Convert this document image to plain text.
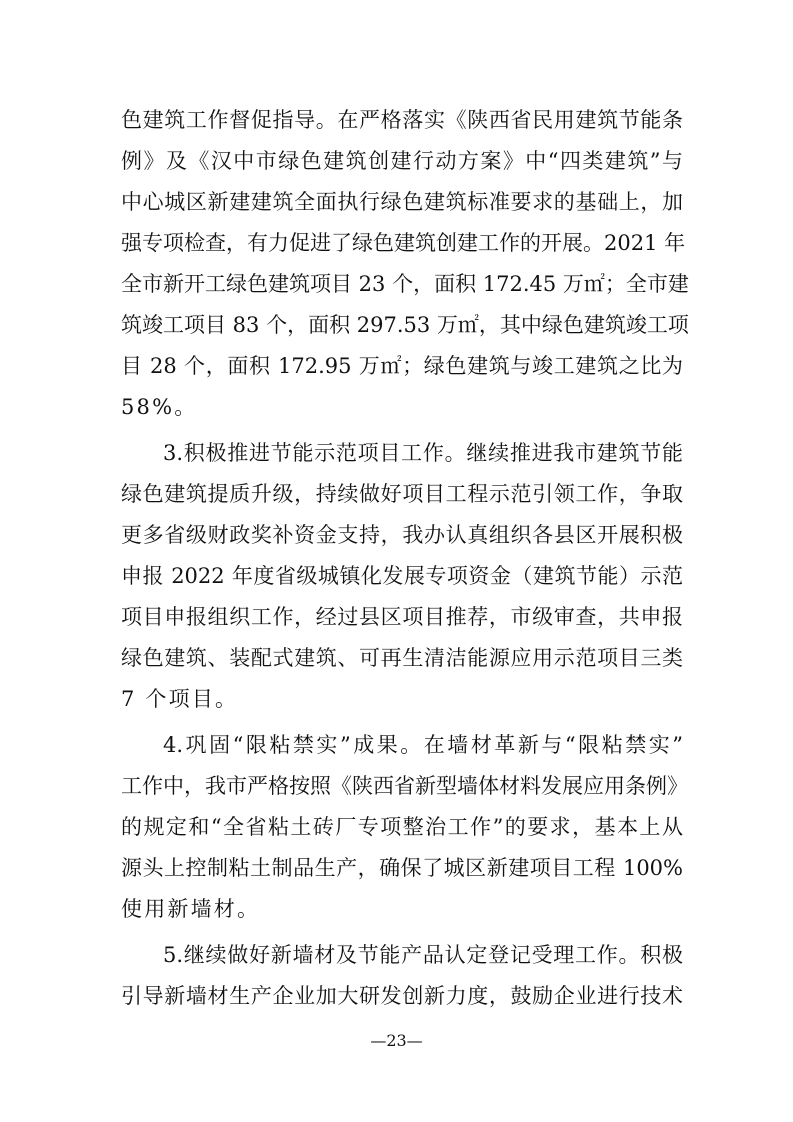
色建筑工作督促指导。在严格落实《陕西省民用建筑节能条
例》及《汉中市绿色建筑创建行动方案》中“四类建筑”与
中心城区新建建筑全面执行绿色建筑标准要求的基础上，加
强专项检查，有力促进了绿色建筑创建工作的开展。2021 年
全市新开工绿色建筑项目 23 个，面积 172.45 万㎡；全市建
筑竣工项目 83 个，面积 297.53 万㎡，其中绿色建筑竣工项
目 28 个，面积 172.95 万㎡；绿色建筑与竣工建筑之比为
58%。
3.积极推进节能示范项目工作。继续推进我市建筑节能
绿色建筑提质升级，持续做好项目工程示范引领工作，争取
更多省级财政奖补资金支持，我办认真组织各县区开展积极
申报 2022 年度省级城镇化发展专项资金（建筑节能）示范
项目申报组织工作，经过县区项目推荐，市级审查，共申报
绿色建筑、装配式建筑、可再生清洁能源应用示范项目三类
7 个项目。
4.巩固“限粘禁实”成果。在墙材革新与“限粘禁实”
工作中，我市严格按照《陕西省新型墙体材料发展应用条例》
的规定和“全省粘土砖厂专项整治工作”的要求，基本上从
源头上控制粘土制品生产，确保了城区新建项目工程 100%
使用新墙材。
5.继续做好新墙材及节能产品认定登记受理工作。积极
引导新墙材生产企业加大研发创新力度，鼓励企业进行技术
—23—
